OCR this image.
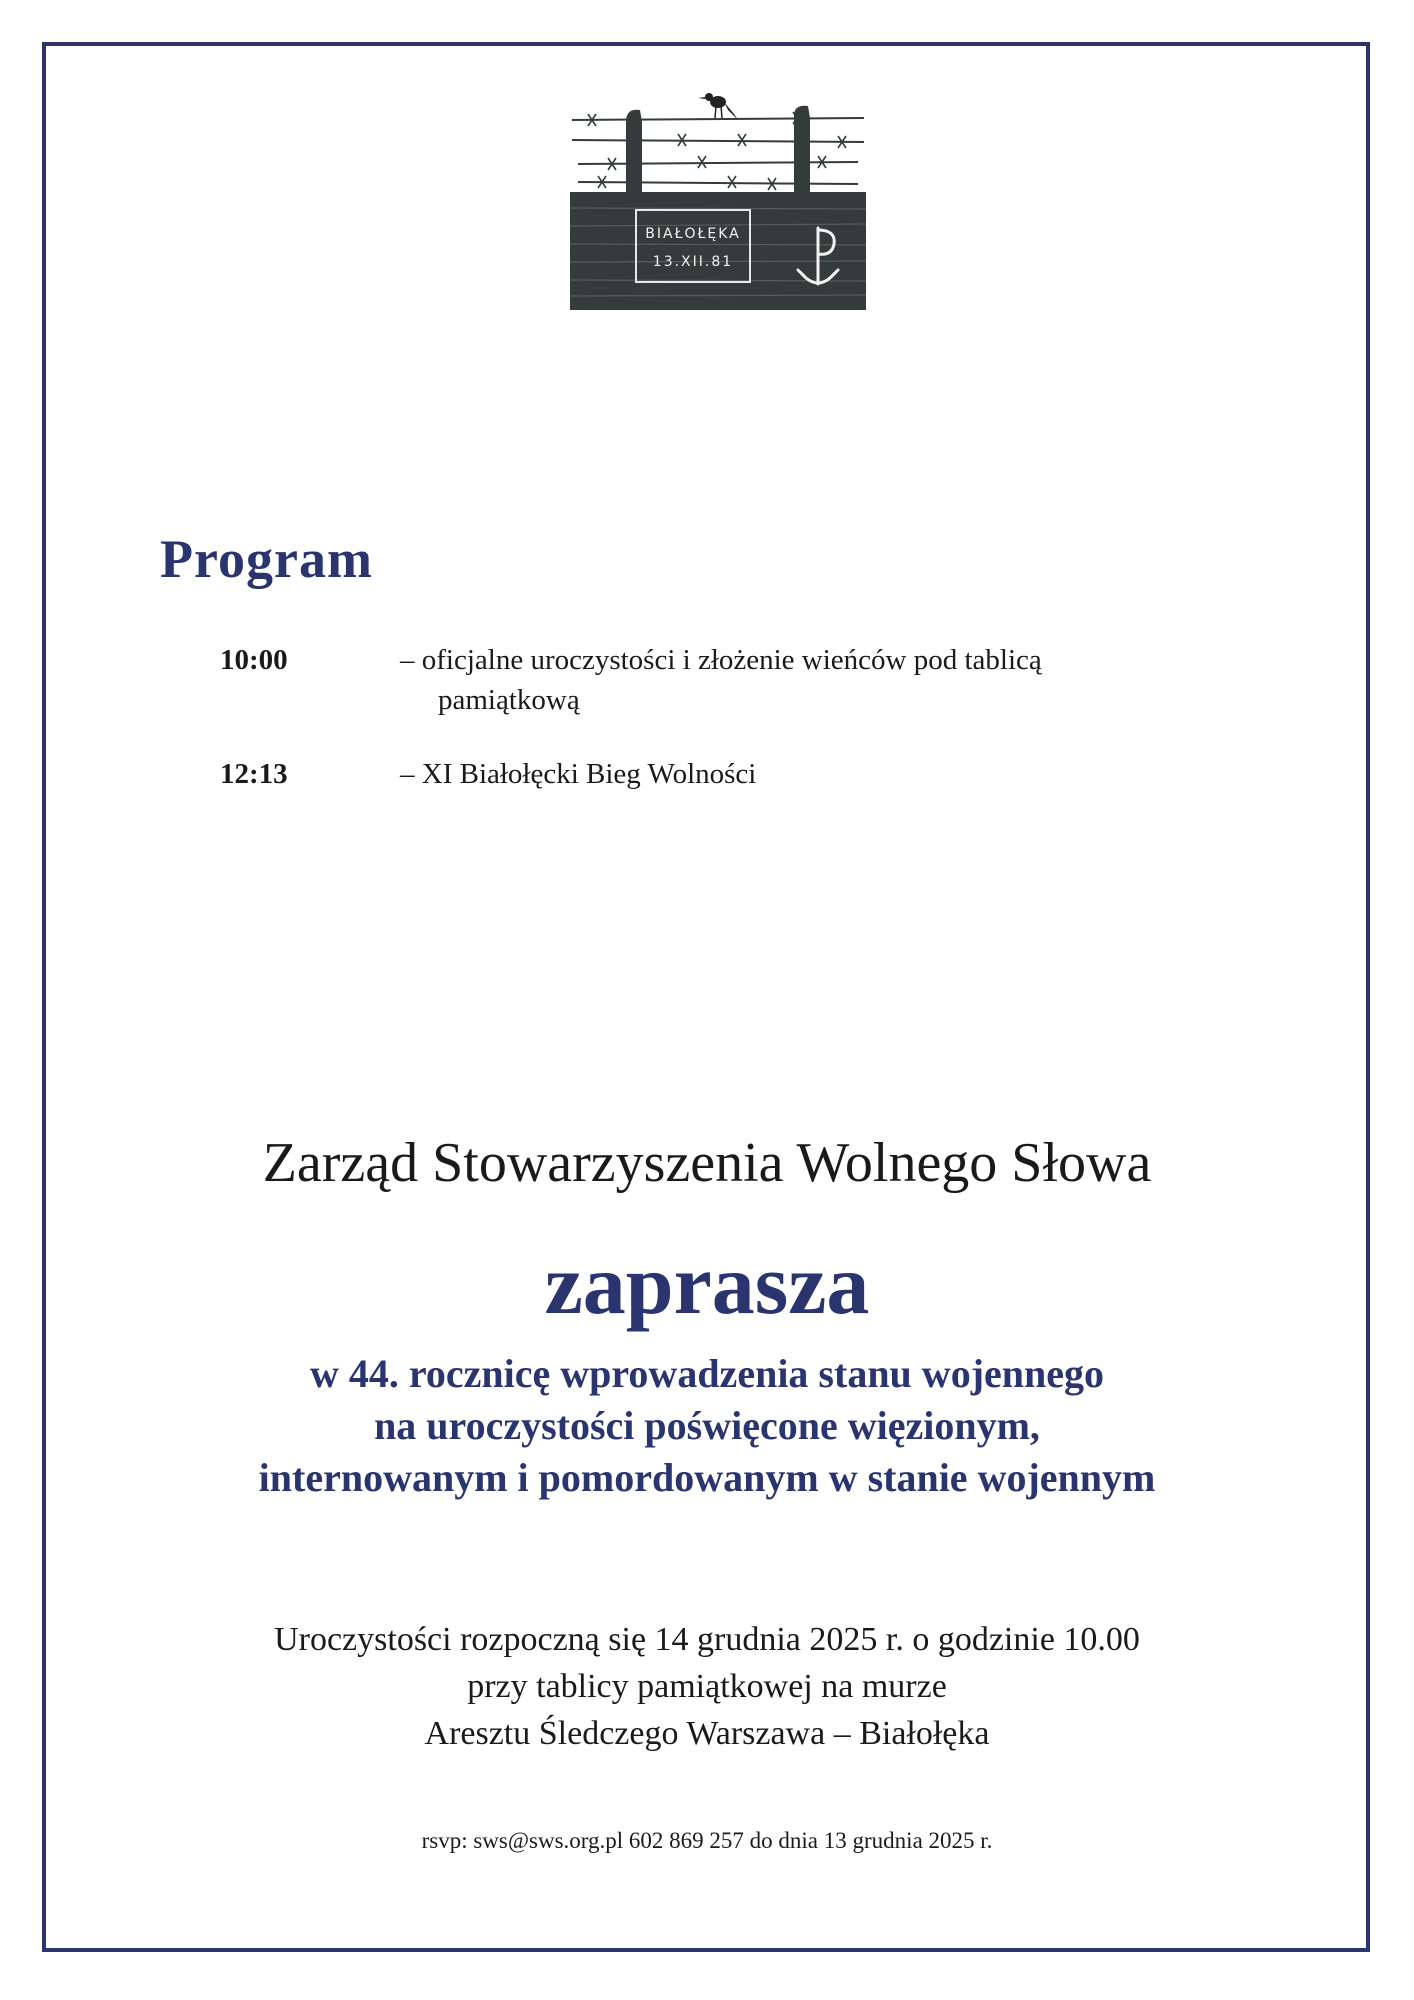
BIAŁOŁĘKA
13.XII.81
Program
10:00	– oficjalne uroczystości i złożenie wieńców pod tablicą
pamiątkową
12:13	– XI Białołęcki Bieg Wolności
Zarząd Stowarzyszenia Wolnego Słowa
zaprasza
w 44. rocznicę wprowadzenia stanu wojennego
na uroczystości poświęcone więzionym,
internowanym i pomordowanym w stanie wojennym
Uroczystości rozpoczną się 14 grudnia 2025 r. o godzinie 10.00
przy tablicy pamiątkowej na murze
Aresztu Śledczego Warszawa – Białołęka
rsvp: sws@sws.org.pl 602 869 257 do dnia 13 grudnia 2025 r.
